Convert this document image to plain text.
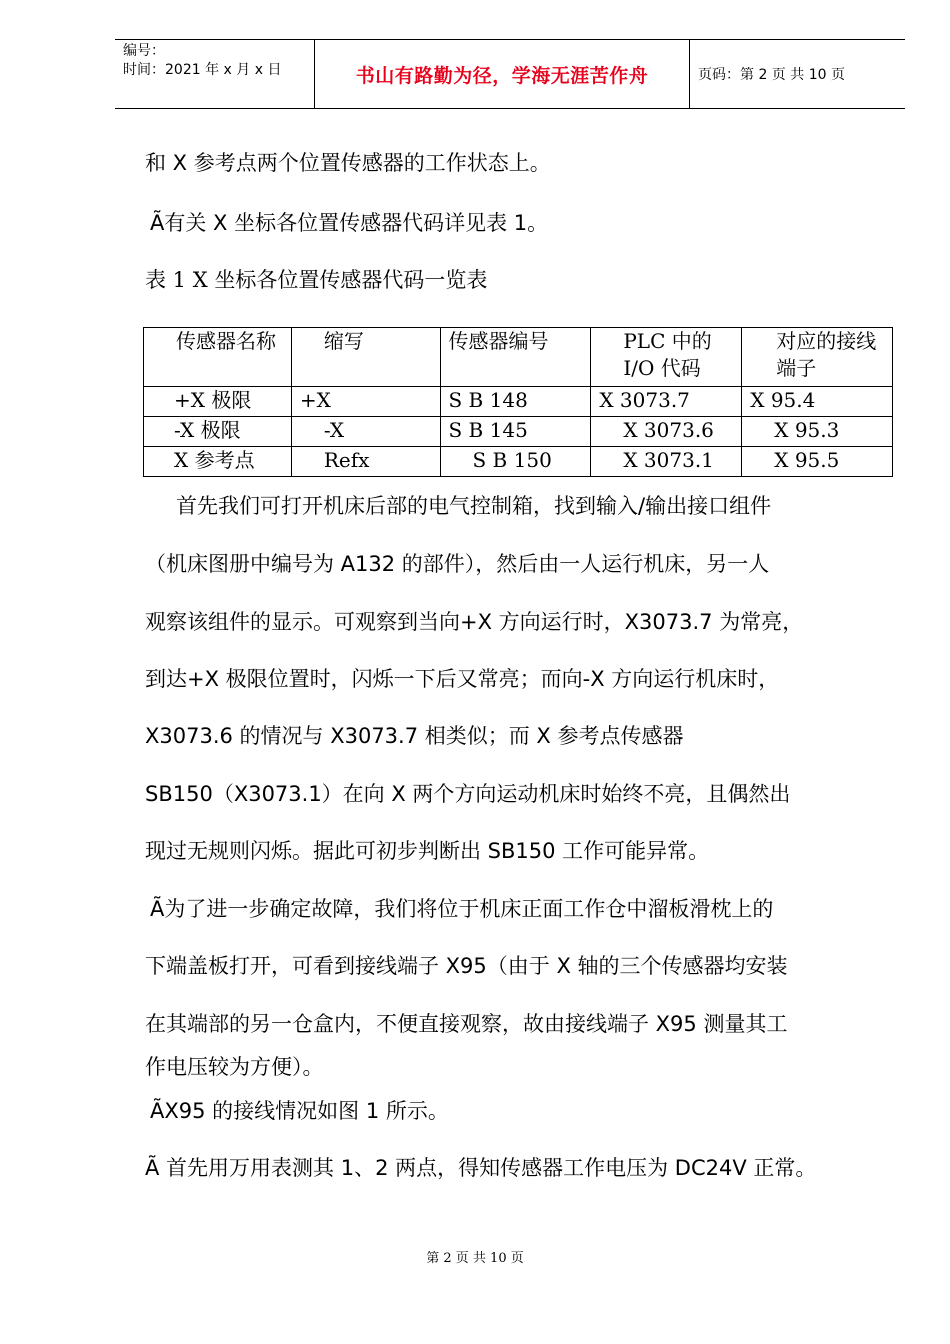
编号：
时间：2021 年 x 月 x 日	书山有路勤为径，学海无涯苦作舟	页码：第 2 页 共 10 页
和 X 参考点两个位置传感器的工作状态上。
Ã有关 X 坐标各位置传感器代码详见表 1。
表 1 X 坐标各位置传感器代码一览表
传感器名称	缩写	传感器编号	PLC 中的 I/O 代码	对应的接线端子
+X 极限	+X	S B 148	X 3073.7	X 95.4
-X 极限	-X	S B 145	X 3073.6	X 95.3
X 参考点	Refx	S B 150	X 3073.1	X 95.5
首先我们可打开机床后部的电气控制箱，找到输入/输出接口组件
（机床图册中编号为 A132 的部件），然后由一人运行机床，另一人
观察该组件的显示。可观察到当向+X 方向运行时，X3073.7 为常亮，
到达+X 极限位置时，闪烁一下后又常亮；而向-X 方向运行机床时，
X3073.6 的情况与 X3073.7 相类似；而 X 参考点传感器
SB150（X3073.1）在向 X 两个方向运动机床时始终不亮，且偶然出
现过无规则闪烁。据此可初步判断出 SB150 工作可能异常。
Ã为了进一步确定故障，我们将位于机床正面工作仓中溜板滑枕上的
下端盖板打开，可看到接线端子 X95（由于 X 轴的三个传感器均安装
在其端部的另一仓盒内，不便直接观察，故由接线端子 X95 测量其工
作电压较为方便）。
ÃX95 的接线情况如图 1 所示。
Ã 首先用万用表测其 1、2 两点，得知传感器工作电压为 DC24V 正常。
第 2 页 共 10 页
